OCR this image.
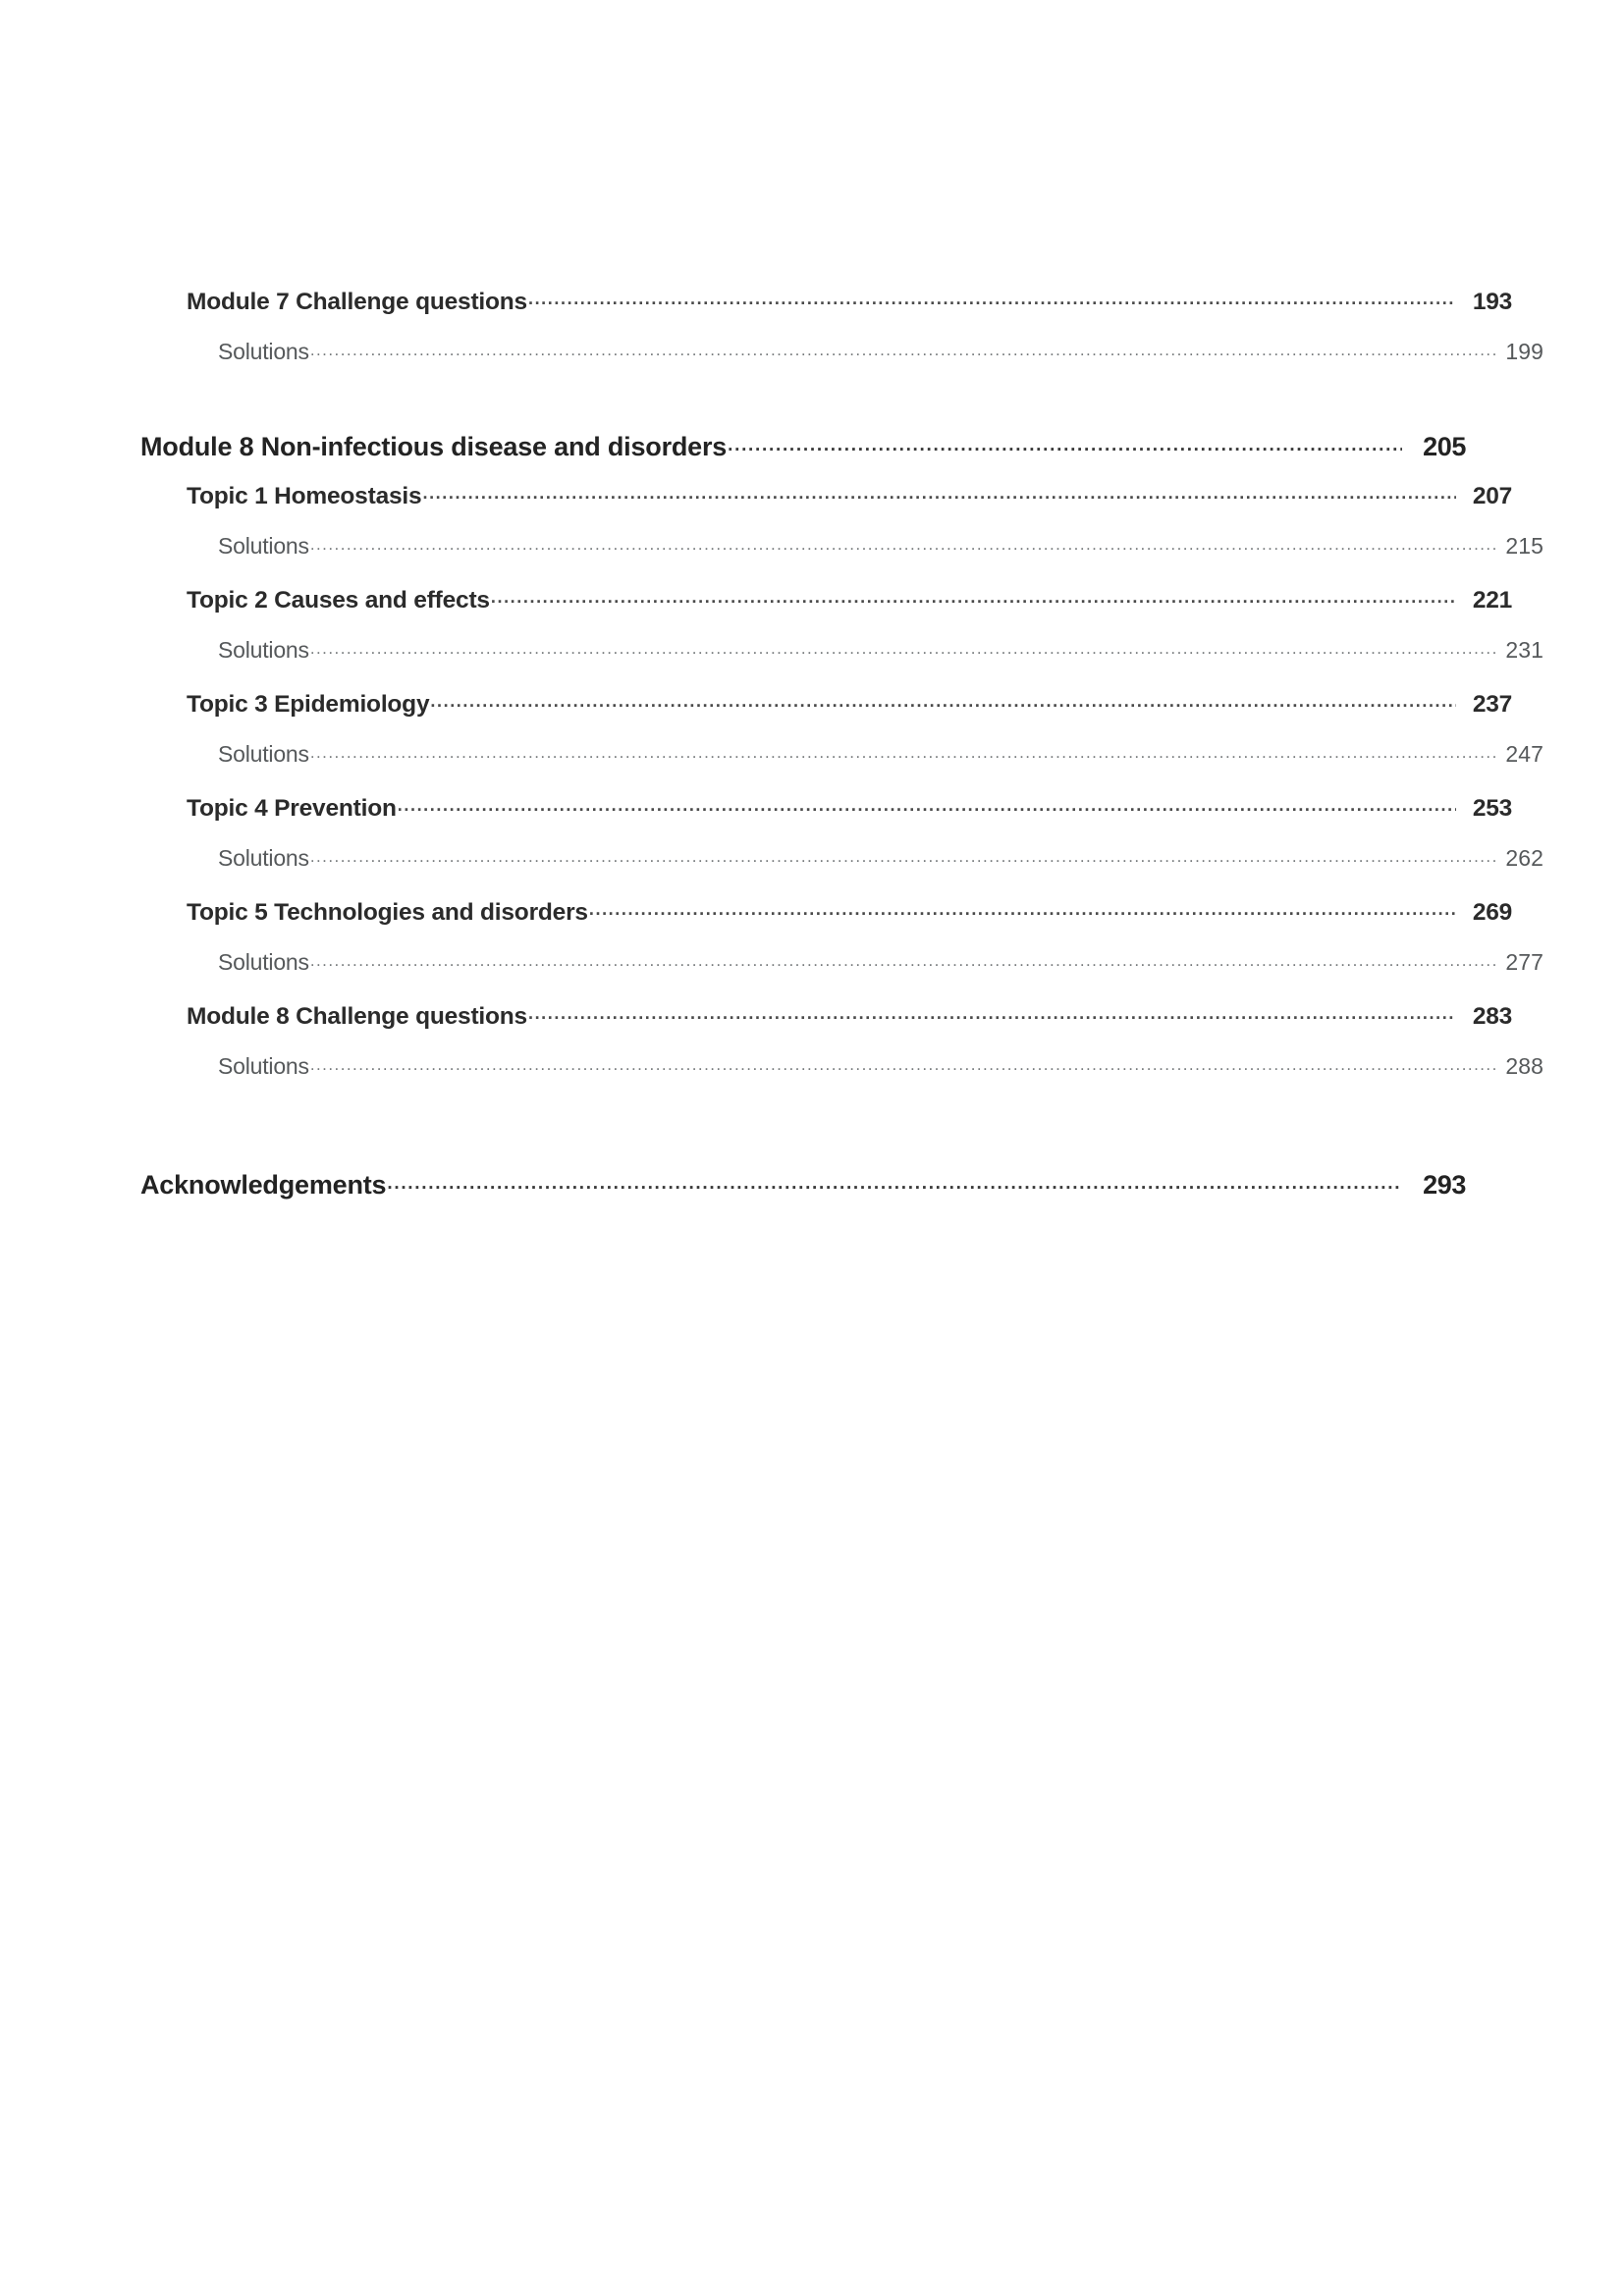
Module 7 Challenge questions .....	193
Solutions .....	199
Module 8 Non-infectious disease and disorders .....	205
Topic 1 Homeostasis .....	207
Solutions .....	215
Topic 2 Causes and effects .....	221
Solutions .....	231
Topic 3 Epidemiology .....	237
Solutions .....	247
Topic 4 Prevention .....	253
Solutions .....	262
Topic 5 Technologies and disorders .....	269
Solutions .....	277
Module 8 Challenge questions .....	283
Solutions .....	288
Acknowledgements .....	293
